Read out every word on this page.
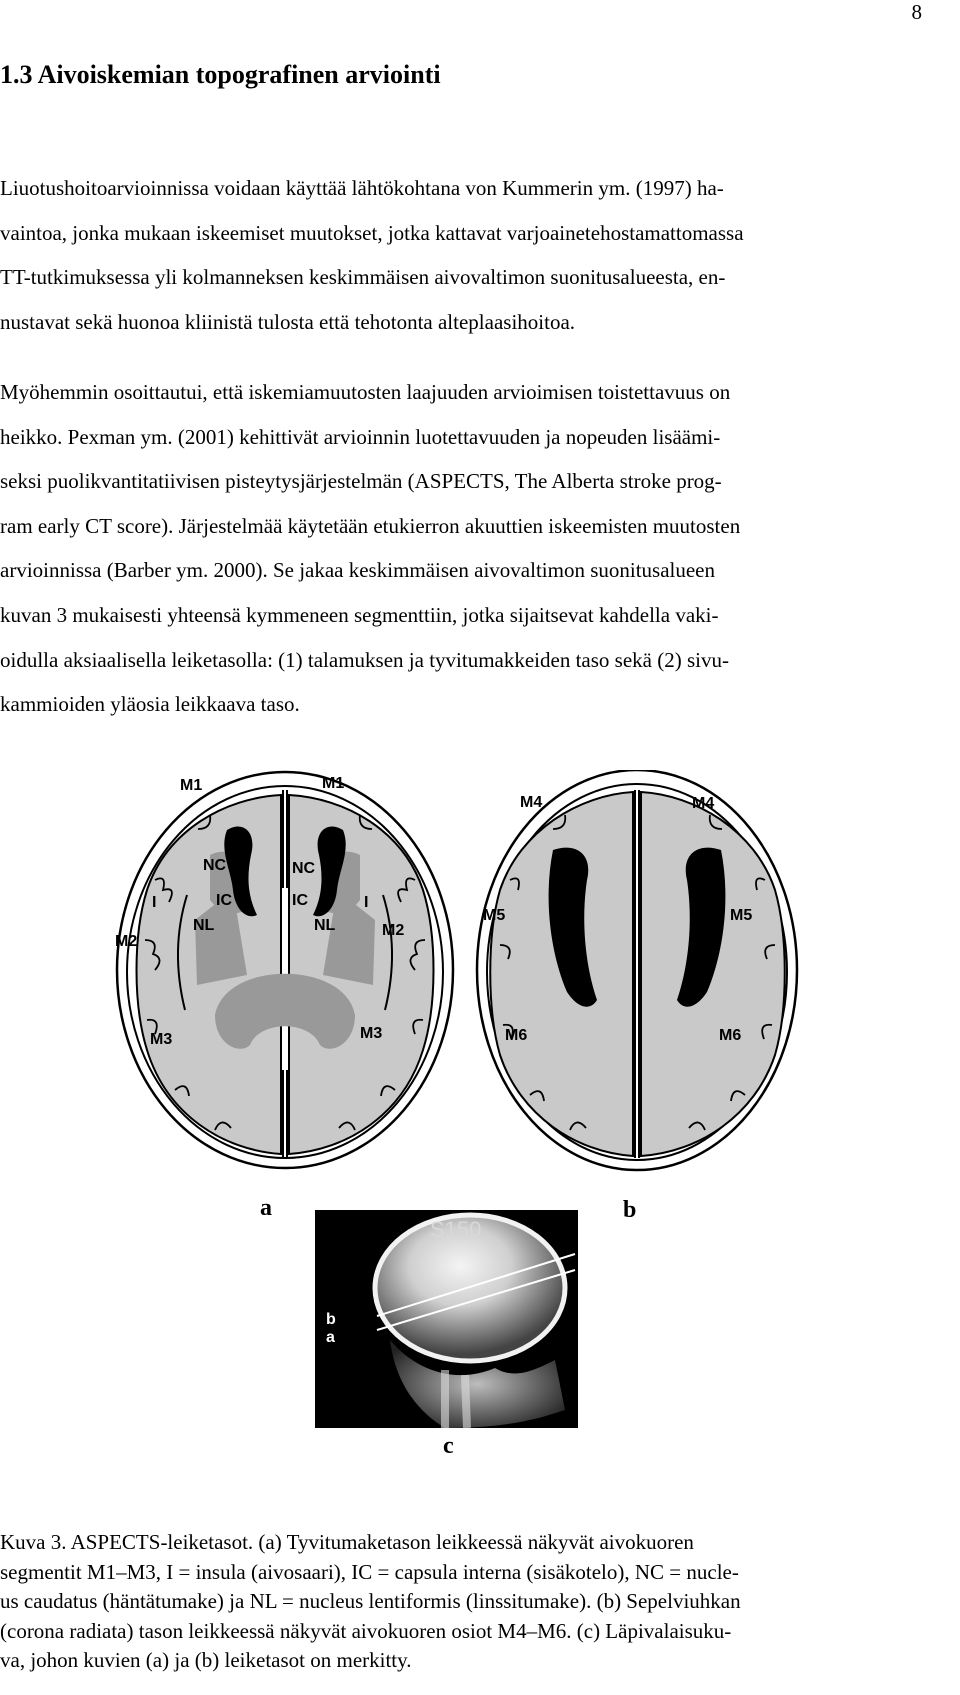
8
1.3 Aivoiskemian topografinen arviointi
Liuotushoitoarvioinnissa voidaan käyttää lähtökohtana von Kummerin ym. (1997) ha-
vaintoa, jonka mukaan iskeemiset muutokset, jotka kattavat varjoainetehostamattomassa
TT-tutkimuksessa yli kolmanneksen keskimmäisen aivovaltimon suonitusalueesta, en-
nustavat sekä huonoa kliinistä tulosta että tehotonta alteplaasihoitoa.
Myöhemmin osoittautui, että iskemiamuutosten laajuuden arvioimisen toistettavuus on
heikko. Pexman ym. (2001) kehittivät arvioinnin luotettavuuden ja nopeuden lisäämi-
seksi puolikvantitatiivisen pisteytysjärjestelmän (ASPECTS, The Alberta stroke prog-
ram early CT score). Järjestelmää käytetään etukierron akuuttien iskeemisten muutosten
arvioinnissa (Barber ym. 2000). Se jakaa keskimmäisen aivovaltimon suonitusalueen
kuvan 3 mukaisesti yhteensä kymmeneen segmenttiin, jotka sijaitsevat kahdella vaki-
oidulla aksiaalisella leiketasolla: (1) talamuksen ja tyvitumakkeiden taso sekä (2) sivu-
kammioiden yläosia leikkaava taso.
M1	M1
NC	NC
IC	IC
I	I
NL	NL
M2
M2
M3	M3
a
M4	M4
M5	M5
M6	M6
b
S150
b
a
c
Kuva 3. ASPECTS-leiketasot. (a) Tyvitumaketason leikkeessä näkyvät aivokuoren
segmentit M1–M3, I = insula (aivosaari), IC = capsula interna (sisäkotelo), NC = nucle-
us caudatus (häntätumake) ja NL = nucleus lentiformis (linssitumake). (b) Sepelviuhkan
(corona radiata) tason leikkeessä näkyvät aivokuoren osiot M4–M6. (c) Läpivalaisuku-
va, johon kuvien (a) ja (b) leiketasot on merkitty.
